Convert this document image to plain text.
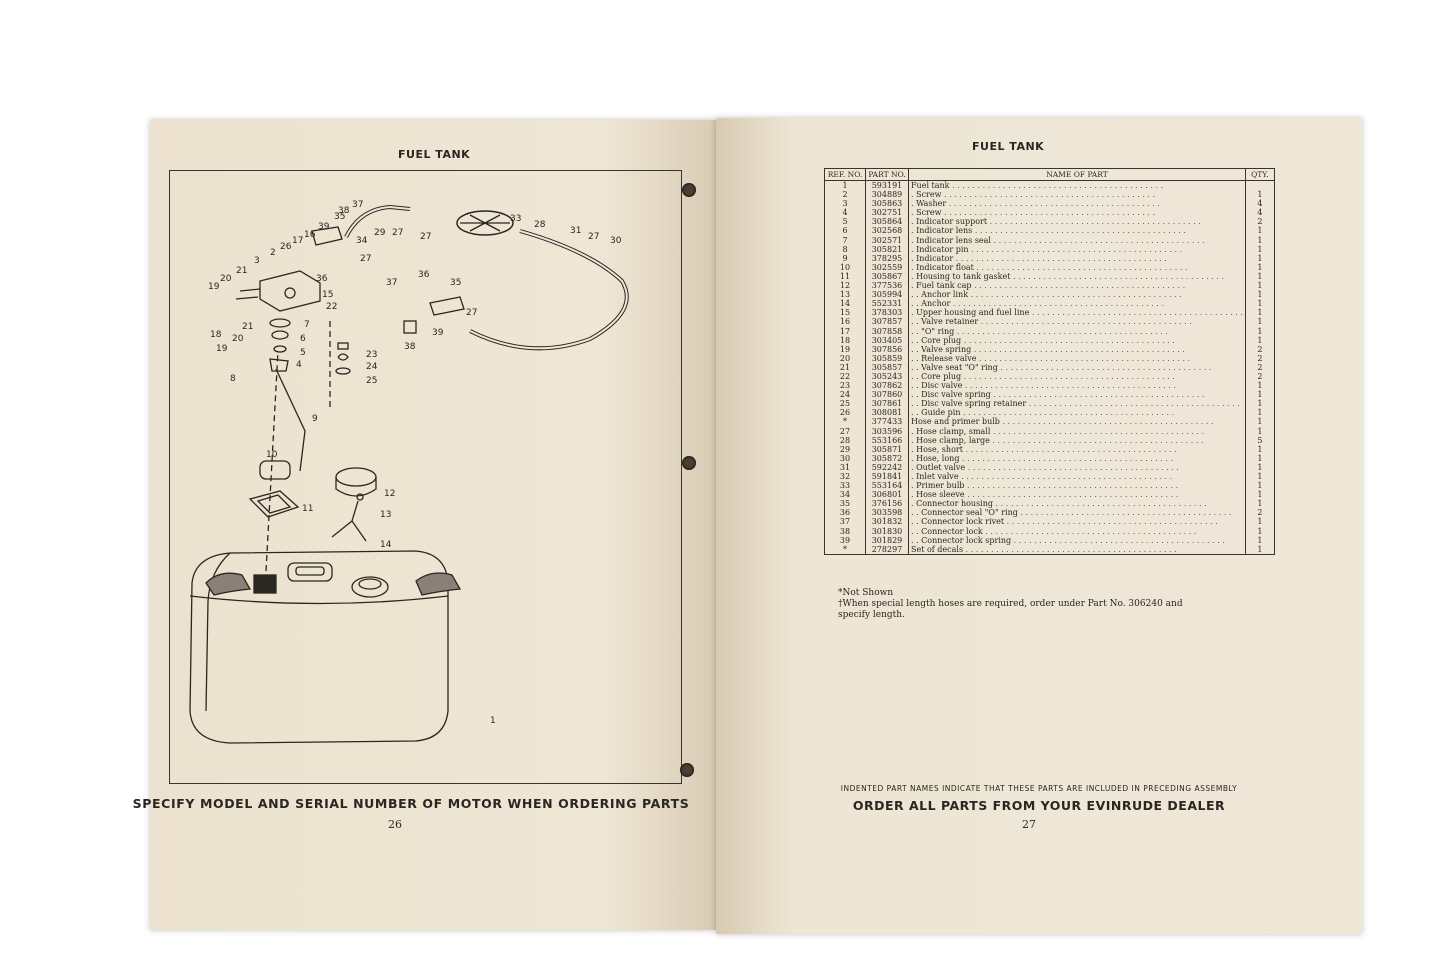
FUEL TANK
1
2
3
4
5
6
7
8
9
10
11
12
13
14
15
16
17
18
19
19
20
20
21
21
22
23
24
25
26
27
27 27	27
27
28
29
30
31
33
34
35
35
36	36
37
37
38
38
39
39
SPECIFY MODEL AND SERIAL NUMBER OF MOTOR WHEN ORDERING PARTS
26
FUEL TANK
REF. NO.	PART NO.	NAME OF PART	QTY.
1	593191	Fuel tank . . .	
2	304889	. Screw . . .	1
3	305863	. Washer . . .	4
4	302751	. Screw . . .	4
5	305864	. Indicator support . . .	2
6	302568	. Indicator lens . . .	1
7	302571	. Indicator lens seal . . .	1
8	305821	. Indicator pin . . .	1
9	378295	. Indicator . . .	1
10	302559	. Indicator float . . .	1
11	305867	. Housing to tank gasket . . .	1
12	377536	. Fuel tank cap . . .	1
13	305994	. . Anchor link . . .	1
14	552331	. . Anchor . . .	1
15	378303	. Upper housing and fuel line . . .	1
16	307857	. . Valve retainer . . .	1
17	307858	. . "O" ring . . .	1
18	303405	. . Core plug . . .	1
19	307856	. . Valve spring . . .	2
20	305859	. . Release valve . . .	2
21	305857	. . Valve seat "O" ring . . .	2
22	305243	. . Core plug . . .	2
23	307862	. . Disc valve . . .	1
24	307860	. . Disc valve spring . . .	1
25	307861	. . Disc valve spring retainer . . .	1
26	308081	. . Guide pin . . .	1
*	377433	Hose and primer bulb . . .	1
27	303596	. Hose clamp, small . . .	1
28	553166	. Hose clamp, large . . .	5
29	305871	. Hose, short . . .	1
30	305872	. Hose, long . . .	1
31	592242	. Outlet valve . . .	1
32	591841	. Inlet valve . . .	1
33	553164	. Primer bulb . . .	1
34	306801	. Hose sleeve . . .	1
35	376156	. Connector housing . . .	1
36	303598	. . Connector seal "O" ring . . .	2
37	301832	. . Connector lock rivet . . .	1
38	301830	. . Connector lock . . .	1
39	301829	. . Connector lock spring . . .	1
*	278297	Set of decals . . .	1
*Not Shown
†When special length hoses are required, order under Part No. 306240 and specify length.
INDENTED PART NAMES INDICATE THAT THESE PARTS ARE INCLUDED IN PRECEDING ASSEMBLY
ORDER ALL PARTS FROM YOUR EVINRUDE DEALER
27
